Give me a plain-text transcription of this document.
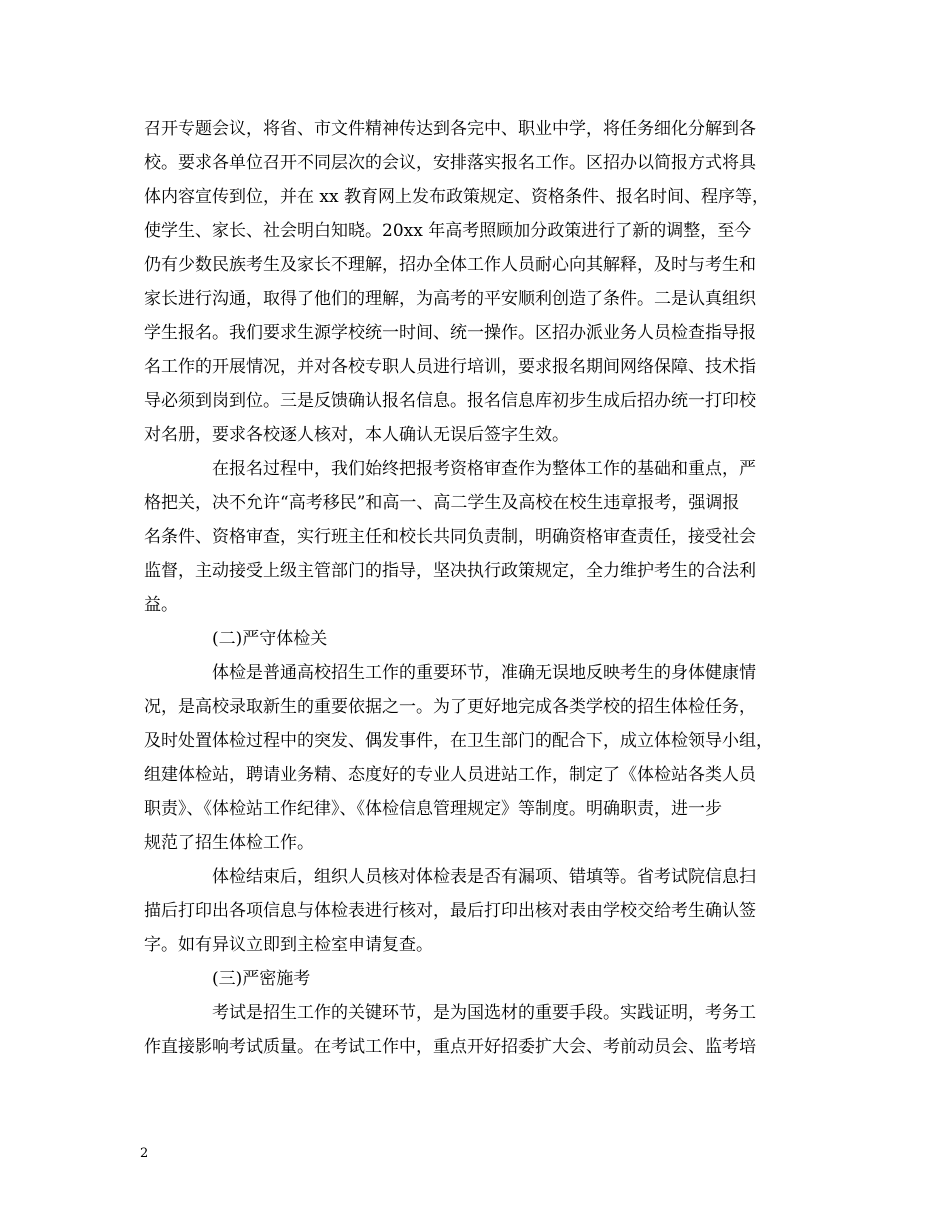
召开专题会议，将省、市文件精神传达到各完中、职业中学，将任务细化分解到各
校。要求各单位召开不同层次的会议，安排落实报名工作。区招办以简报方式将具
体内容宣传到位，并在 xx 教育网上发布政策规定、资格条件、报名时间、程序等，
使学生、家长、社会明白知晓。20xx 年高考照顾加分政策进行了新的调整，至今
仍有少数民族考生及家长不理解，招办全体工作人员耐心向其解释，及时与考生和
家长进行沟通，取得了他们的理解，为高考的平安顺利创造了条件。二是认真组织
学生报名。我们要求生源学校统一时间、统一操作。区招办派业务人员检查指导报
名工作的开展情况，并对各校专职人员进行培训，要求报名期间网络保障、技术指
导必须到岗到位。三是反馈确认报名信息。报名信息库初步生成后招办统一打印校
对名册，要求各校逐人核对，本人确认无误后签字生效。
在报名过程中，我们始终把报考资格审查作为整体工作的基础和重点，严
格把关，决不允许“高考移民”和高一、高二学生及高校在校生违章报考，强调报
名条件、资格审查，实行班主任和校长共同负责制，明确资格审查责任，接受社会
监督，主动接受上级主管部门的指导，坚决执行政策规定，全力维护考生的合法利
益。
(二)严守体检关
体检是普通高校招生工作的重要环节，准确无误地反映考生的身体健康情
况，是高校录取新生的重要依据之一。为了更好地完成各类学校的招生体检任务，
及时处置体检过程中的突发、偶发事件，在卫生部门的配合下，成立体检领导小组，
组建体检站，聘请业务精、态度好的专业人员进站工作，制定了《体检站各类人员
职责》、《体检站工作纪律》、《体检信息管理规定》等制度。明确职责，进一步
规范了招生体检工作。
体检结束后，组织人员核对体检表是否有漏项、错填等。省考试院信息扫
描后打印出各项信息与体检表进行核对，最后打印出核对表由学校交给考生确认签
字。如有异议立即到主检室申请复查。
(三)严密施考
考试是招生工作的关键环节，是为国选材的重要手段。实践证明，考务工
作直接影响考试质量。在考试工作中，重点开好招委扩大会、考前动员会、监考培
2
